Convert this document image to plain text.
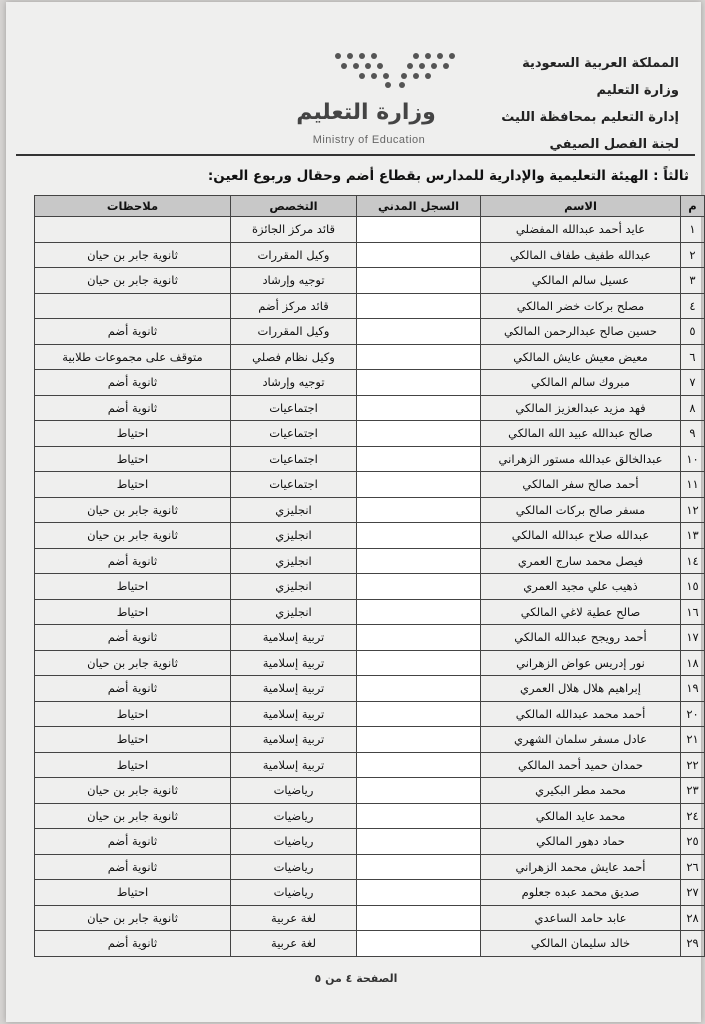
المملكة العربية السعودية
وزارة التعليم
إدارة التعليم بمحافظة الليث
لجنة الفصل الصيفي
وزارة التعليم
Ministry of Education
ثالثاً : الهيئة التعليمية والإدارية للمدارس بقطاع أضم وحقال وربوع العين:
م	الاسم	السجل المدني	التخصص	ملاحظات
١	عايد أحمد عبدالله المفضلي		قائد مركز الجائزة	
٢	عبدالله طفيف طفاف المالكي		وكيل المقررات	ثانوية جابر بن حيان
٣	عسيل سالم المالكي		توجيه وإرشاد	ثانوية جابر بن حيان
٤	مصلح بركات خضر المالكي		قائد مركز أضم	
٥	حسين صالح عبدالرحمن المالكي		وكيل المقررات	ثانوية أضم
٦	معيض معيش عايش المالكي		وكيل نظام فصلي	متوقف على مجموعات طلابية
٧	مبروك سالم المالكي		توجيه وإرشاد	ثانوية أضم
٨	فهد مزيد عبدالعزيز المالكي		اجتماعيات	ثانوية أضم
٩	صالح عبدالله عبيد الله المالكي		اجتماعيات	احتياط
١٠	عبدالخالق عبدالله مستور الزهراني		اجتماعيات	احتياط
١١	أحمد صالح سفر المالكي		اجتماعيات	احتياط
١٢	مسفر صالح بركات المالكي		انجليزي	ثانوية جابر بن حيان
١٣	عبدالله صلاح عبدالله المالكي		انجليزي	ثانوية جابر بن حيان
١٤	فيصل محمد سارج العمري		انجليزي	ثانوية أضم
١٥	ذهيب علي مجيد العمري		انجليزي	احتياط
١٦	صالح عطية لاغي المالكي		انجليزي	احتياط
١٧	أحمد رويجح عبدالله المالكي		تربية إسلامية	ثانوية أضم
١٨	نور إدريس عواض الزهراني		تربية إسلامية	ثانوية جابر بن حيان
١٩	إبراهيم هلال هلال العمري		تربية إسلامية	ثانوية أضم
٢٠	أحمد محمد عبدالله المالكي		تربية إسلامية	احتياط
٢١	عادل مسفر سلمان الشهري		تربية إسلامية	احتياط
٢٢	حمدان حميد أحمد المالكي		تربية إسلامية	احتياط
٢٣	محمد مطر البكيري		رياضيات	ثانوية جابر بن حيان
٢٤	محمد عايد المالكي		رياضيات	ثانوية جابر بن حيان
٢٥	حماد دهور المالكي		رياضيات	ثانوية أضم
٢٦	أحمد عايش محمد الزهراني		رياضيات	ثانوية أضم
٢٧	صديق محمد عبده جعلوم		رياضيات	احتياط
٢٨	عابد حامد الساعدي		لغة عربية	ثانوية جابر بن حيان
٢٩	خالد سليمان المالكي		لغة عربية	ثانوية أضم
الصفحة ٤ من ٥
